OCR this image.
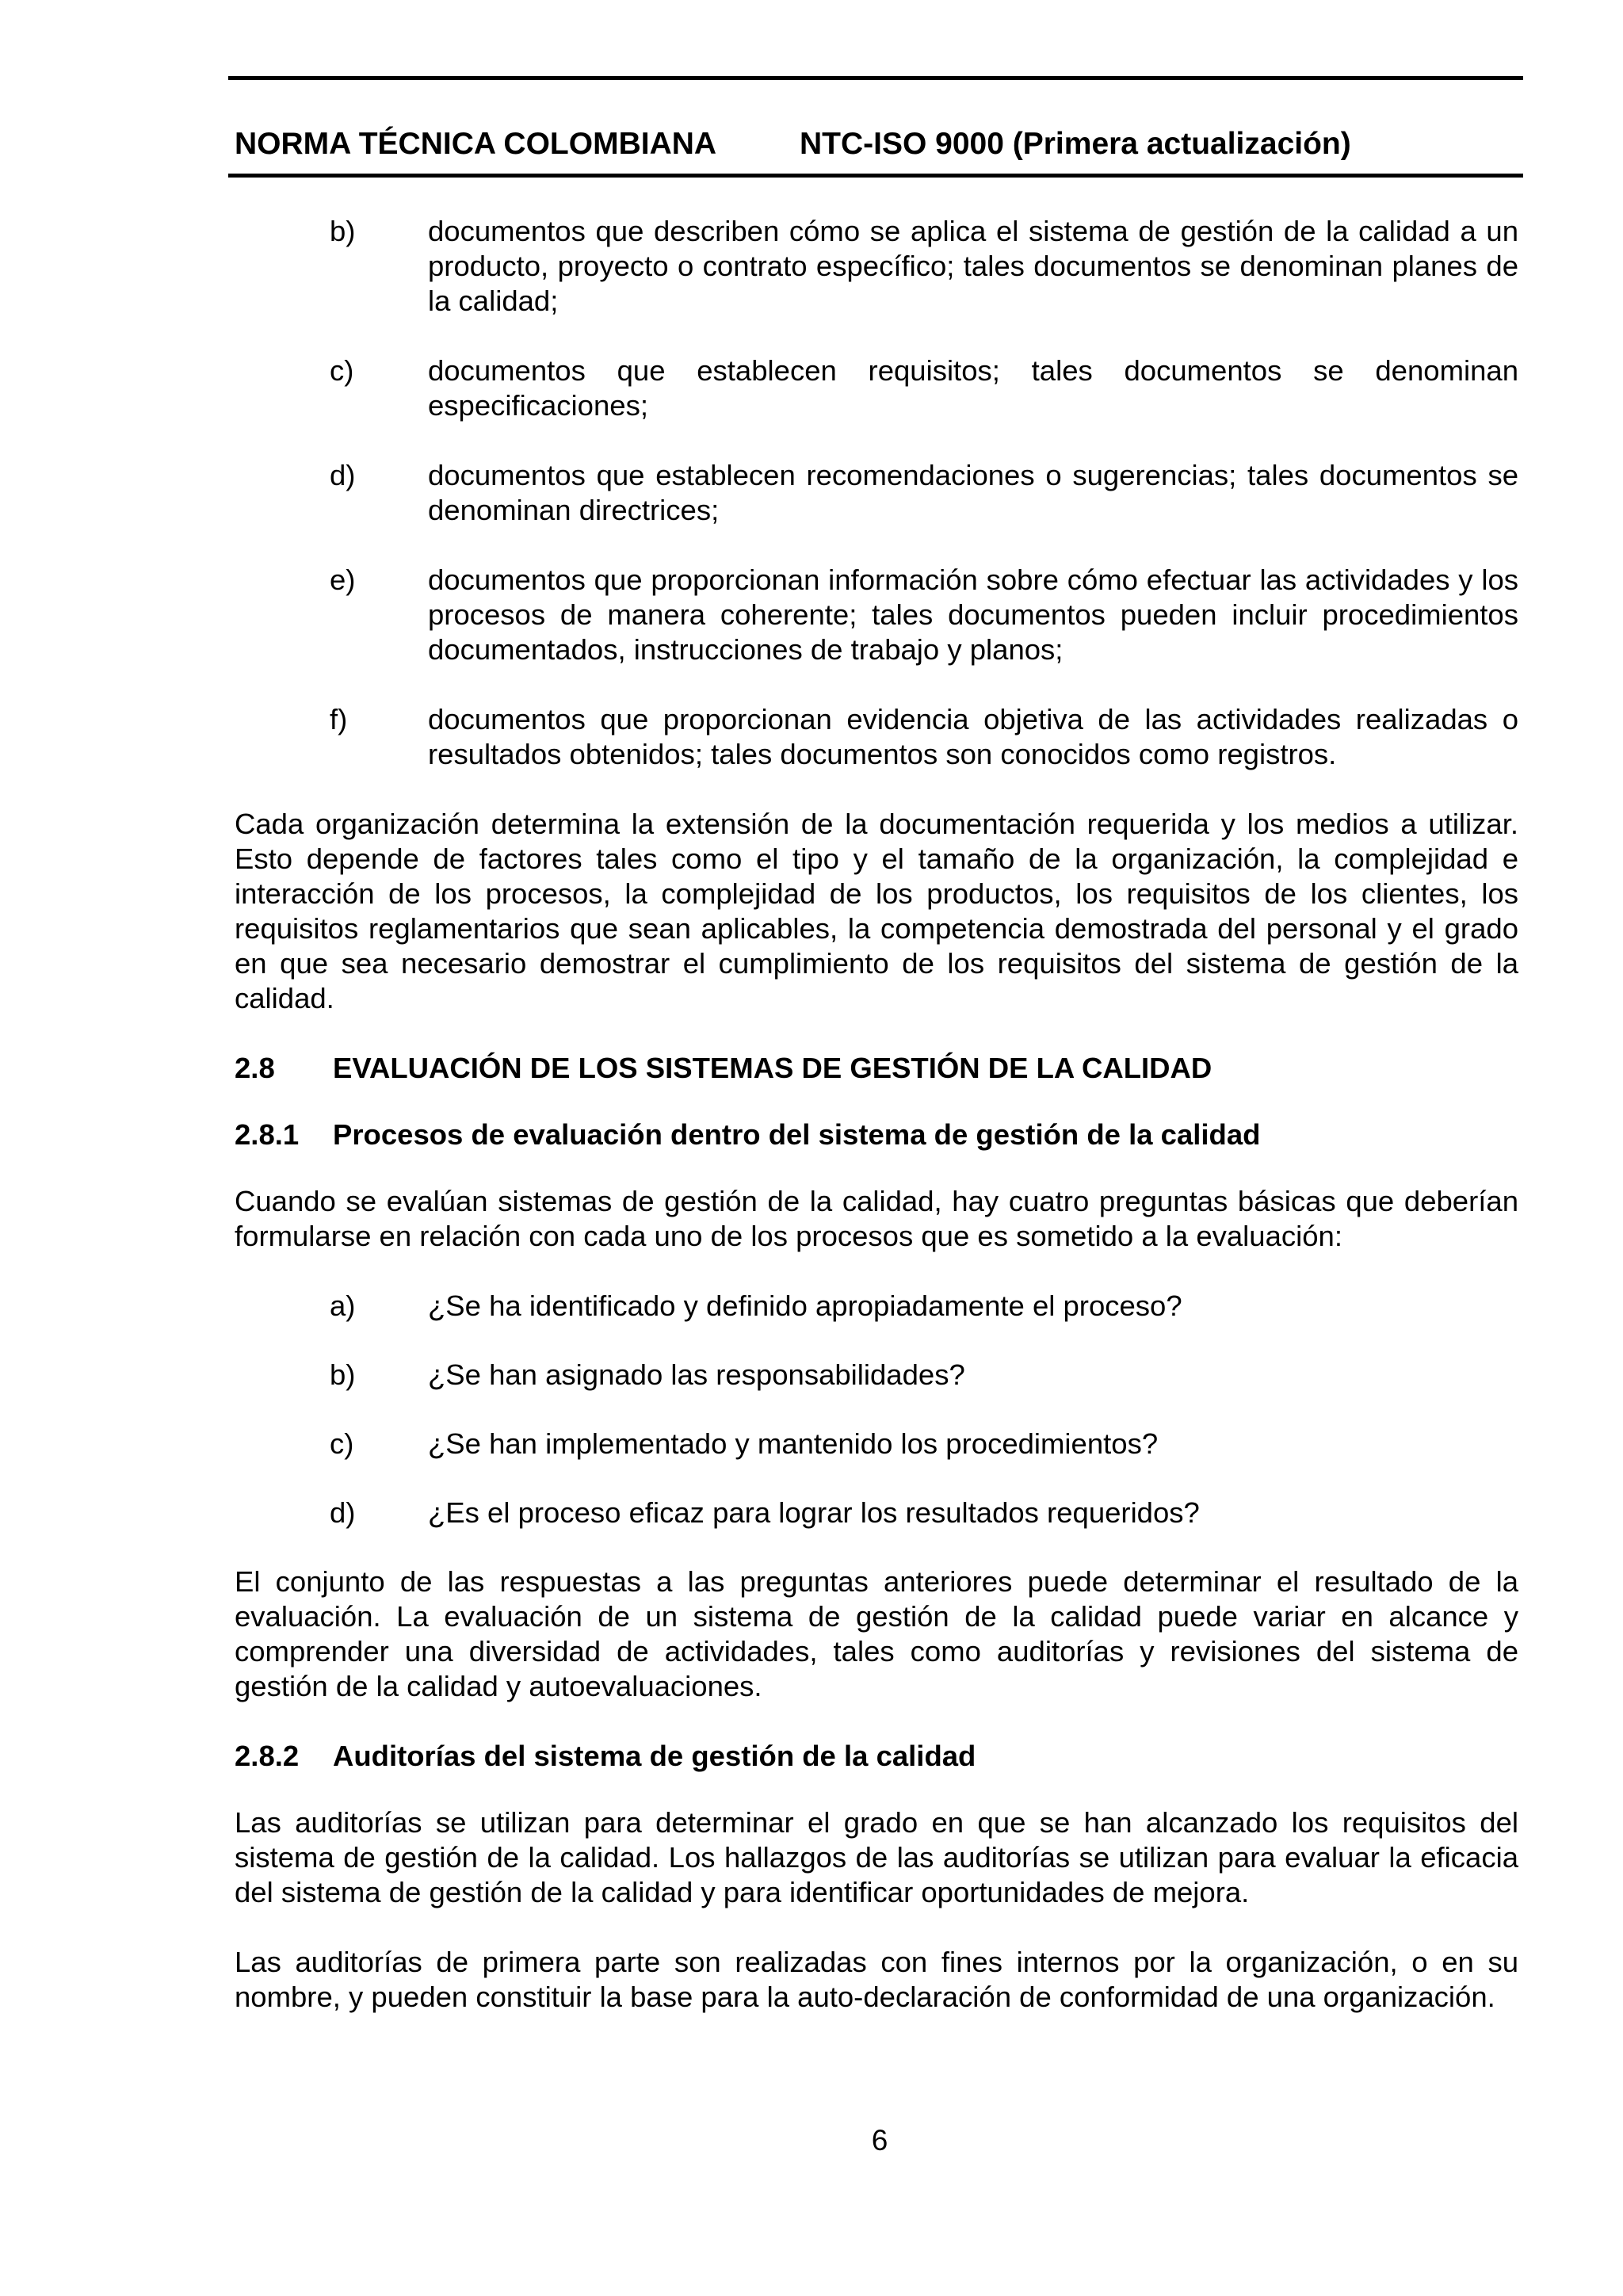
NORMA TÉCNICA COLOMBIANA	NTC-ISO 9000 (Primera actualización)
b)	documentos que describen cómo se aplica el sistema de gestión de la calidad a un producto, proyecto o contrato específico; tales documentos se denominan planes de la calidad;
c)	documentos que establecen requisitos; tales documentos se denominan especificaciones;
d)	documentos que establecen recomendaciones o sugerencias; tales documentos se denominan directrices;
e)	documentos que proporcionan información sobre cómo efectuar las actividades y los procesos de manera coherente; tales documentos pueden incluir procedimientos documentados, instrucciones de trabajo y planos;
f)	documentos que proporcionan evidencia objetiva de las actividades realizadas o resultados obtenidos; tales documentos son conocidos como registros.

Cada organización determina la extensión de la documentación requerida y los medios a utilizar. Esto depende de factores tales como el tipo y el tamaño de la organización, la complejidad e interacción de los procesos, la complejidad de los productos, los requisitos de los clientes, los requisitos reglamentarios que sean aplicables, la competencia demostrada del personal y el grado en que sea necesario demostrar el cumplimiento de los requisitos del sistema de gestión de la calidad.

2.8 EVALUACIÓN DE LOS SISTEMAS DE GESTIÓN DE LA CALIDAD
2.8.1 Procesos de evaluación dentro del sistema de gestión de la calidad

Cuando se evalúan sistemas de gestión de la calidad, hay cuatro preguntas básicas que deberían formularse en relación con cada uno de los procesos que es sometido a la evaluación:

a)	¿Se ha identificado y definido apropiadamente el proceso?
b)	¿Se han asignado las responsabilidades?
c)	¿Se han implementado y mantenido los procedimientos?
d)	¿Es el proceso eficaz para lograr los resultados requeridos?

El conjunto de las respuestas a las preguntas anteriores puede determinar el resultado de la evaluación. La evaluación de un sistema de gestión de la calidad puede variar en alcance y comprender una diversidad de actividades, tales como auditorías y revisiones del sistema de gestión de la calidad y autoevaluaciones.

2.8.2 Auditorías del sistema de gestión de la calidad

Las auditorías se utilizan para determinar el grado en que se han alcanzado los requisitos del sistema de gestión de la calidad. Los hallazgos de las auditorías se utilizan para evaluar la eficacia del sistema de gestión de la calidad y para identificar oportunidades de mejora.

Las auditorías de primera parte son realizadas con fines internos por la organización, o en su nombre, y pueden constituir la base para la auto-declaración de conformidad de una organización.

6
